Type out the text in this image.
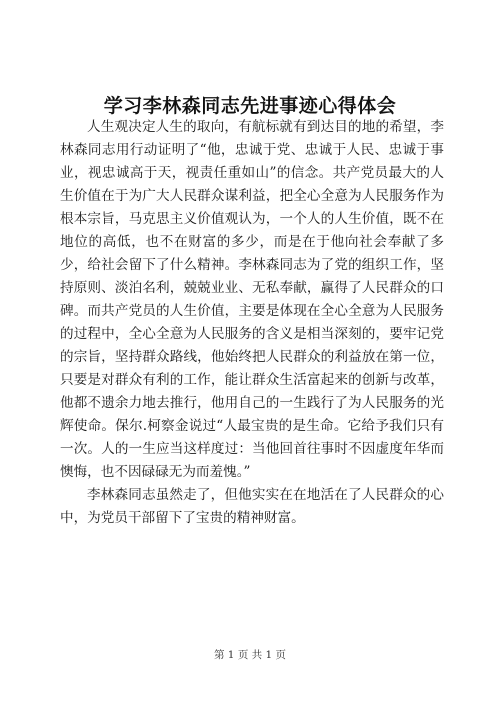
学习李林森同志先进事迹心得体会

人生观决定人生的取向，有航标就有到达目的地的希望，李林森同志用行动证明了“他，忠诚于党、忠诚于人民、忠诚于事业，视忠诚高于天，视责任重如山”的信念。共产党员最大的人生价值在于为广大人民群众谋利益，把全心全意为人民服务作为根本宗旨，马克思主义价值观认为，一个人的人生价值，既不在地位的高低，也不在财富的多少，而是在于他向社会奉献了多少，给社会留下了什么精神。李林森同志为了党的组织工作，坚持原则、淡泊名利，兢兢业业、无私奉献，赢得了人民群众的口碑。而共产党员的人生价值，主要是体现在全心全意为人民服务的过程中，全心全意为人民服务的含义是相当深刻的，要牢记党的宗旨，坚持群众路线，他始终把人民群众的利益放在第一位，只要是对群众有利的工作，能让群众生活富起来的创新与改革，他都不遗余力地去推行，他用自己的一生践行了为人民服务的光辉使命。保尔.柯察金说过“人最宝贵的是生命。它给予我们只有一次。人的一生应当这样度过：当他回首往事时不因虚度年华而懊悔，也不因碌碌无为而羞愧。”

李林森同志虽然走了，但他实实在在地活在了人民群众的心中，为党员干部留下了宝贵的精神财富。

第 1 页 共 1 页
